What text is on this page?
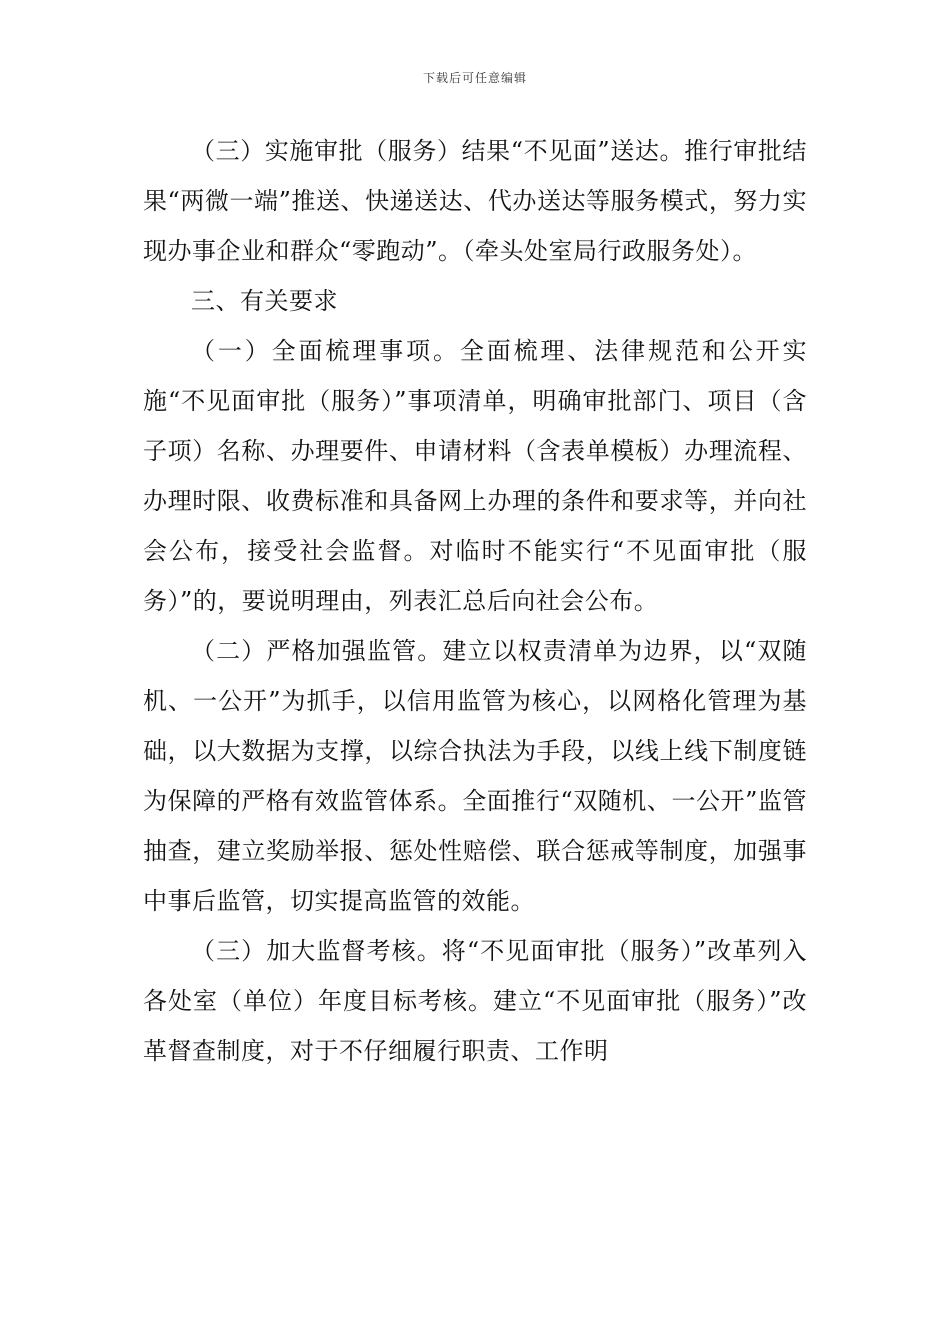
下载后可任意编辑

（三）实施审批（服务）结果“不见面”送达。推行审批结果“两微一端”推送、快递送达、代办送达等服务模式，努力实现办事企业和群众“零跑动”。（牵头处室局行政服务处）。

三、有关要求

（一）全面梳理事项。全面梳理、法律规范和公开实施“不见面审批（服务）”事项清单，明确审批部门、项目（含子项）名称、办理要件、申请材料（含表单模板）办理流程、办理时限、收费标准和具备网上办理的条件和要求等，并向社会公布，接受社会监督。对临时不能实行“不见面审批（服务）”的，要说明理由，列表汇总后向社会公布。

（二）严格加强监管。建立以权责清单为边界，以“双随机、一公开”为抓手，以信用监管为核心，以网格化管理为基础，以大数据为支撑，以综合执法为手段，以线上线下制度链为保障的严格有效监管体系。全面推行“双随机、一公开”监管抽查，建立奖励举报、惩处性赔偿、联合惩戒等制度，加强事中事后监管，切实提高监管的效能。

（三）加大监督考核。将“不见面审批（服务）”改革列入各处室（单位）年度目标考核。建立“不见面审批（服务）”改革督查制度，对于不仔细履行职责、工作明
